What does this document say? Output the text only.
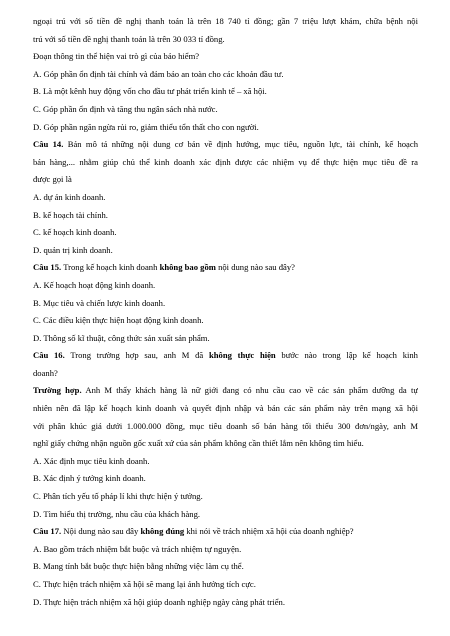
ngoại trú với số tiền đề nghị thanh toán là trên 18 740 tỉ đồng; gần 7 triệu lượt khám, chữa bệnh nội
trú với số tiền đề nghị thanh toán là trên 30 033 tỉ đồng.
Đoạn thông tin thể hiện vai trò gì của bảo hiểm?
A. Góp phần ổn định tài chính và đảm bảo an toàn cho các khoản đầu tư.
B. Là một kênh huy động vốn cho đầu tư phát triển kinh tế – xã hội.
C. Góp phần ổn định và tăng thu ngân sách nhà nước.
D. Góp phần ngăn ngừa rủi ro, giảm thiểu tổn thất cho con người.
Câu 14. Bản mô tả những nội dung cơ bản về định hướng, mục tiêu, nguồn lực, tài chính, kế hoạch
bán hàng,... nhằm giúp chủ thể kinh doanh xác định được các nhiệm vụ để thực hiện mục tiêu đề ra
được gọi là
A. dự án kinh doanh.
B. kế hoạch tài chính.
C. kế hoạch kinh doanh.
D. quản trị kinh doanh.
Câu 15. Trong kế hoạch kinh doanh không bao gồm nội dung nào sau đây?
A. Kế hoạch hoạt động kinh doanh.
B. Mục tiêu và chiến lược kinh doanh.
C. Các điều kiện thực hiện hoạt động kinh doanh.
D. Thông số kĩ thuật, công thức sản xuất sản phẩm.
Câu 16. Trong trường hợp sau, anh M đã không thực hiện bước nào trong lập kế hoạch kinh
doanh?
Trường hợp. Anh M thấy khách hàng là nữ giới đang có nhu cầu cao về các sản phẩm dưỡng da tự
nhiên nên đã lập kế hoạch kinh doanh và quyết định nhập và bán các sản phẩm này trên mạng xã hội
với phân khúc giá dưới 1.000.000 đồng, mục tiêu doanh số bán hàng tối thiểu 300 đơn/ngày, anh M
nghĩ giấy chứng nhận nguồn gốc xuất xứ của sản phẩm không cần thiết lắm nên không tìm hiểu.
A. Xác định mục tiêu kinh doanh.
B. Xác định ý tưởng kinh doanh.
C. Phân tích yếu tố pháp lí khi thực hiện ý tưởng.
D. Tìm hiểu thị trường, nhu cầu của khách hàng.
Câu 17. Nội dung nào sau đây không đúng khi nói về trách nhiệm xã hội của doanh nghiệp?
A. Bao gồm trách nhiệm bắt buộc và trách nhiệm tự nguyện.
B. Mang tính bắt buộc thực hiện bằng những việc làm cụ thể.
C. Thực hiện trách nhiệm xã hội sẽ mang lại ảnh hưởng tích cực.
D. Thực hiện trách nhiệm xã hội giúp doanh nghiệp ngày càng phát triển.
